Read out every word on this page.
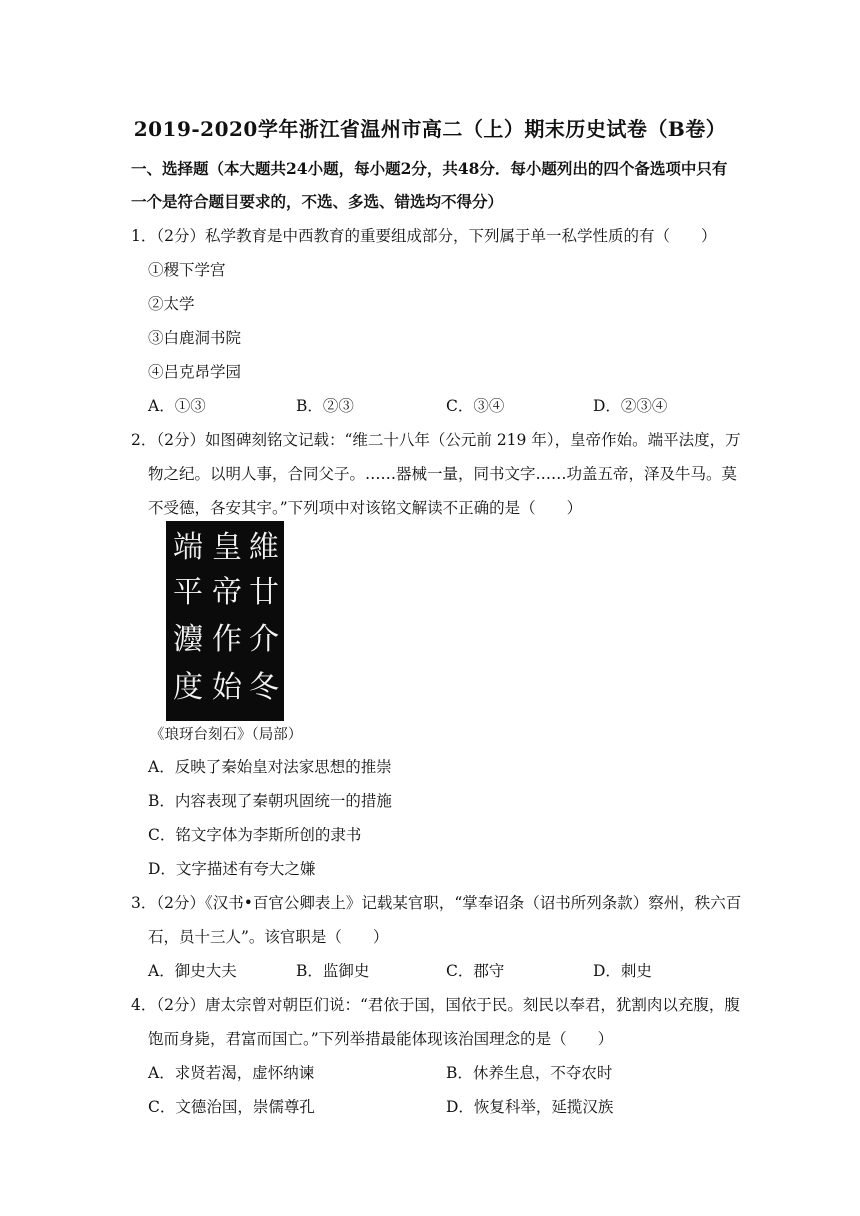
2019-2020学年浙江省温州市高二（上）期末历史试卷（B卷）
一、选择题（本大题共24小题，每小题2分，共48分．每小题列出的四个备选项中只有
一个是符合题目要求的，不选、多选、错选均不得分）
1．（2分）私学教育是中西教育的重要组成部分，下列属于单一私学性质的有（　　）
①稷下学宫
②太学
③白鹿洞书院
④吕克昂学园
A．①③	B．②③	C．③④	D．②③④
2．（2分）如图碑刻铭文记载：“维二十八年（公元前 219 年），皇帝作始。端平法度，万
物之纪。以明人事，合同父子。……器械一量，同书文字……功盖五帝，泽及牛马。莫
不受德，各安其宇。”下列项中对该铭文解读不正确的是（　　）
維
廿
介
冬
皇
帝
作
始
端
平
灋
度
《琅玡台刻石》（局部）
A．反映了秦始皇对法家思想的推崇
B．内容表现了秦朝巩固统一的措施
C．铭文字体为李斯所创的隶书
D．文字描述有夸大之嫌
3．（2分）《汉书•百官公卿表上》记载某官职，“掌奉诏条（诏书所列条款）察州，秩六百
石，员十三人”。该官职是（　　）
A．御史大夫	B．监御史	C．郡守	D．刺史
4．（2分）唐太宗曾对朝臣们说：“君依于国，国依于民。刻民以奉君，犹割肉以充腹，腹
饱而身毙，君富而国亡。”下列举措最能体现该治国理念的是（　　）
A．求贤若渴，虚怀纳谏	B．休养生息，不夺农时
C．文德治国，崇儒尊孔	D．恢复科举，延揽汉族
